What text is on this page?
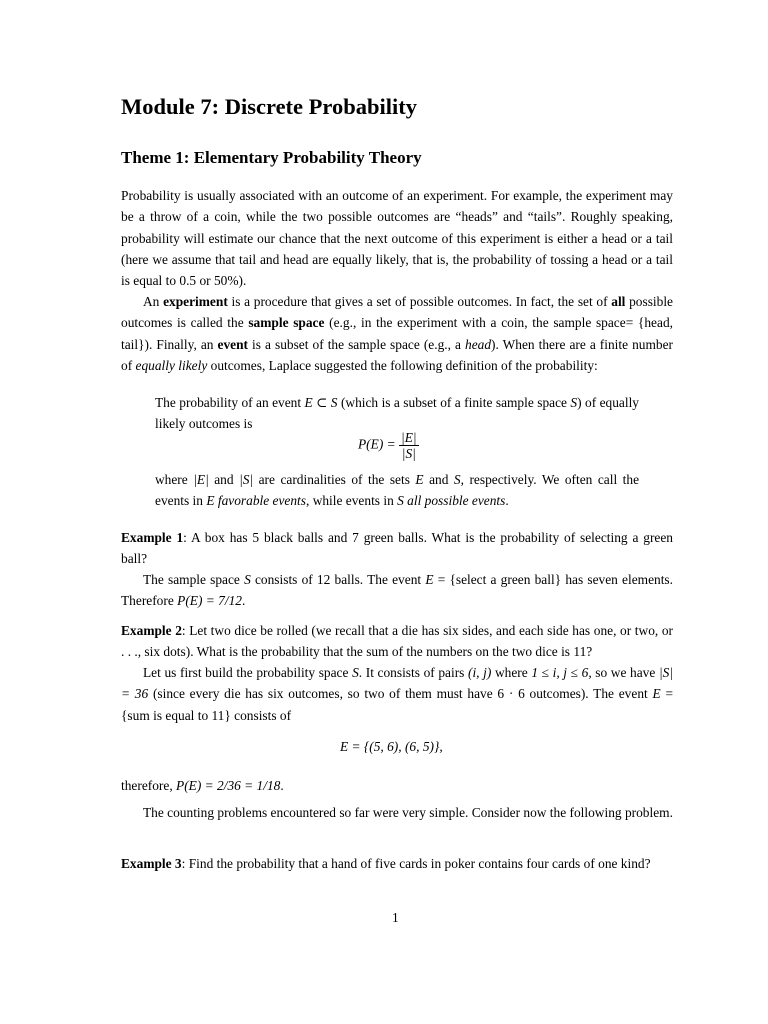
Module 7: Discrete Probability
Theme 1: Elementary Probability Theory

Probability is usually associated with an outcome of an experiment. For example, the experiment may be a throw of a coin, while the two possible outcomes are “heads” and “tails”. Roughly speaking, probability will estimate our chance that the next outcome of this experiment is either a head or a tail (here we assume that tail and head are equally likely, that is, the probability of tossing a head or a tail is equal to 0.5 or 50%).

An experiment is a procedure that gives a set of possible outcomes. In fact, the set of all possible outcomes is called the sample space (e.g., in the experiment with a coin, the sample space= {head, tail}). Finally, an event is a subset of the sample space (e.g., a head). When there are a finite number of equally likely outcomes, Laplace suggested the following definition of the probability:

The probability of an event E ⊂ S (which is a subset of a finite sample space S) of equally likely outcomes is

$P(E) = \frac{|E|}{|S|}$

where |E| and |S| are cardinalities of the sets E and S, respectively. We often call the events in E favorable events, while events in S all possible events.

Example 1: A box has 5 black balls and 7 green balls. What is the probability of selecting a green ball?

The sample space S consists of 12 balls. The event E = {select a green ball} has seven elements. Therefore P(E) = 7/12.

Example 2: Let two dice be rolled (we recall that a die has six sides, and each side has one, or two, or . . ., six dots). What is the probability that the sum of the numbers on the two dice is 11?

Let us first build the probability space S. It consists of pairs (i, j) where 1 ≤ i, j ≤ 6, so we have |S| = 36 (since every die has six outcomes, so two of them must have 6 · 6 outcomes). The event E = {sum is equal to 11} consists of

E = {(5, 6), (6, 5)},

therefore, P(E) = 2/36 = 1/18.

The counting problems encountered so far were very simple. Consider now the following problem.

Example 3: Find the probability that a hand of five cards in poker contains four cards of one kind?

1
